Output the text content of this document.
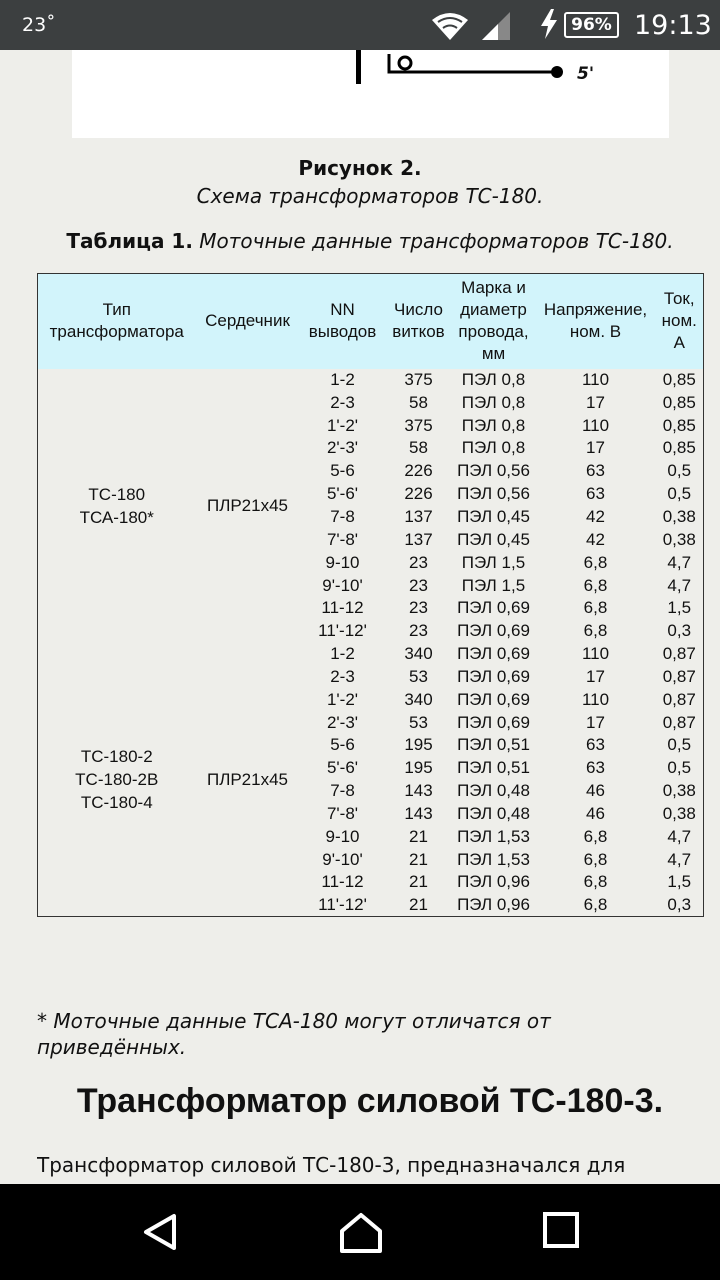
23˚	96% 19:13
5'
Рисунок 2.
Схема трансформаторов ТС-180.
Таблица 1. Моточные данные трансформаторов ТС-180.
Тип трансформатора	Сердечник	NN выводов	Число витков	Марка и диаметр провода, мм	Напряжение, ном. В	Ток, ном. А

ТС-180
ТСА-180*	ПЛР21х45	1-2	375	ПЭЛ 0,8	110	0,85
		2-3	58	ПЭЛ 0,8	17	0,85
		1'-2'	375	ПЭЛ 0,8	110	0,85
		2'-3'	58	ПЭЛ 0,8	17	0,85
		5-6	226	ПЭЛ 0,56	63	0,5
		5'-6'	226	ПЭЛ 0,56	63	0,5
		7-8	137	ПЭЛ 0,45	42	0,38
		7'-8'	137	ПЭЛ 0,45	42	0,38
		9-10	23	ПЭЛ 1,5	6,8	4,7
		9'-10'	23	ПЭЛ 1,5	6,8	4,7
		11-12	23	ПЭЛ 0,69	6,8	1,5
		11'-12'	23	ПЭЛ 0,69	6,8	0,3

ТС-180-2
ТС-180-2В
ТС-180-4	ПЛР21х45	1-2	340	ПЭЛ 0,69	110	0,87
		2-3	53	ПЭЛ 0,69	17	0,87
		1'-2'	340	ПЭЛ 0,69	110	0,87
		2'-3'	53	ПЭЛ 0,69	17	0,87
		5-6	195	ПЭЛ 0,51	63	0,5
		5'-6'	195	ПЭЛ 0,51	63	0,5
		7-8	143	ПЭЛ 0,48	46	0,38
		7'-8'	143	ПЭЛ 0,48	46	0,38
		9-10	21	ПЭЛ 1,53	6,8	4,7
		9'-10'	21	ПЭЛ 1,53	6,8	4,7
		11-12	21	ПЭЛ 0,96	6,8	1,5
		11'-12'	21	ПЭЛ 0,96	6,8	0,3
* Моточные данные ТСА-180 могут отличатся от приведённых.
Трансформатор силовой ТС-180-3.
Трансформатор силовой ТС-180-3, предназначался для
